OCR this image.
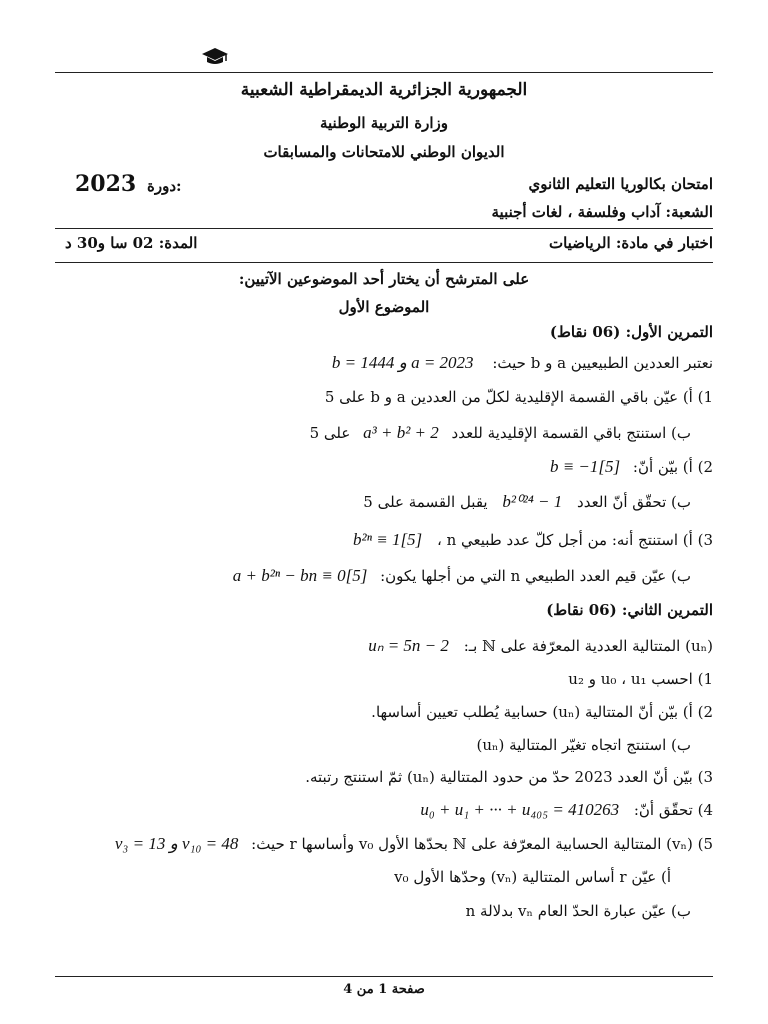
الجمهورية الجزائرية الديمقراطية الشعبية
وزارة التربية الوطنية
الديوان الوطني للامتحانات والمسابقات
امتحان بكالوريا التعليم الثانوي
2023 دورة:
الشعبة: آداب وفلسفة ، لغات أجنبية
اختبار في مادة: الرياضيات
المدة: 02 سا و30 د
على المترشح أن يختار أحد الموضوعين الآتيين:
الموضوع الأول
التمرين الأول: (06 نقاط)
نعتبر العددين الطبيعيين a و b حيث: b = 1444 و a = 2023
1) أ) عيّن باقي القسمة الإقليدية لكلّ من العددين a و b على 5
ب) استنتج باقي القسمة الإقليدية للعدد a³ + b² + 2 على 5
2) أ) بيّن أنّ: b ≡ −1[5]
ب) تحقّق أنّ العدد b²⁰²⁴ − 1 يقبل القسمة على 5
3) أ) استنتج أنه: من أجل كلّ عدد طبيعي n ، b²ⁿ ≡ 1[5]
ب) عيّن قيم العدد الطبيعي n التي من أجلها يكون: a + b²ⁿ − bn ≡ 0[5]
التمرين الثاني: (06 نقاط)
(uₙ) المتتالية العددية المعرّفة على ℕ بـ: uₙ = 5n − 2
1) احسب u₀ ، u₁ و u₂
2) أ) بيّن أنّ المتتالية (uₙ) حسابية يُطلب تعيين أساسها.
ب) استنتج اتجاه تغيّر المتتالية (uₙ)
3) بيّن أنّ العدد 2023 حدّ من حدود المتتالية (uₙ) ثمّ استنتج رتبته.
4) تحقّق أنّ: u₀ + u₁ + ··· + u₄₀₅ = 410263
5) (vₙ) المتتالية الحسابية المعرّفة على ℕ بحدّها الأول v₀ وأساسها r حيث: v₃ = 13 و v₁₀ = 48
أ) عيّن r أساس المتتالية (vₙ) وحدّها الأول v₀
ب) عيّن عبارة الحدّ العام vₙ بدلالة n
صفحة 1 من 4
